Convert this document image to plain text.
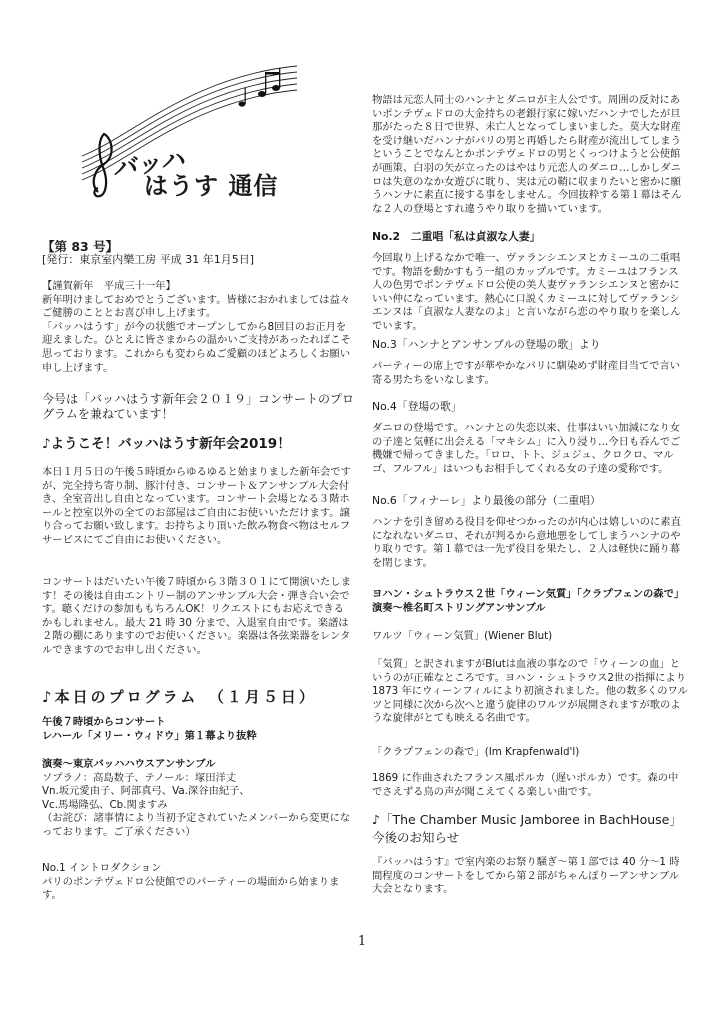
バッハ
はうす 通信
【第 83 号】
[発行：東京室内樂工房 平成 31 年1月5日]

【謹賀新年　平成三十一年】

新年明けましておめでとうございます。皆様におかれましては益々ご健勝のこととお喜び申し上げます。

「バッハはうす」が今の状態でオープンしてから8回目のお正月を迎えました。ひとえに皆さまからの温かいご支持があったればこそ思っております。これからも変わらぬご愛顧のほどよろしくお願い申し上げます。

今号は「バッハはうす新年会２０１９」コンサートのプログラムを兼ねています！
♪ようこそ！バッハはうす新年会2019！
本日１月５日の午後５時頃からゆるゆると始まりました新年会ですが、完全持ち寄り制、豚汁付き、コンサート＆アンサンブル大会付き、全室音出し自由となっています。コンサート会場となる３階ホールと控室以外の全てのお部屋はご自由にお使いいただけます。譲り合ってお願い致します。お持ちより頂いた飲み物食べ物はセルフサービスにてご自由にお使いください。
コンサートはだいたい午後７時頃から３階３０１にて開演いたします！その後は自由エントリー制のアンサンブル大会・弾き合い会です。聴くだけの参加ももちろんOK！リクエストにもお応えできるかもしれません。最大 21 時 30 分まで、入退室自由です。楽譜は２階の棚にありますのでお使いください。楽器は各弦楽器をレンタルできますのでお申し出ください。
♪本日のプログラム　（１月５日）
午後７時頃からコンサート
レハール「メリー・ウィドウ」第１幕より抜粋

演奏～東京バッハハウスアンサンブル

ソプラノ：高島数子、テノール：塚田洋丈

Vn.坂元愛由子、阿部真弓、Va.深谷由紀子、

Vc.馬場隆弘、Cb.関ますみ

（お詫び：諸事情により当初予定されていたメンバーから変更になっております。ご了承ください）

No.1 イントロダクション

パリのポンテヴェドロ公使館でのパーティーの場面から始まります。

物語は元恋人同士のハンナとダニロが主人公です。周囲の反対にあいポンテヴェドロの大金持ちの老銀行家に嫁いだハンナでしたが旦那がたった８日で世界、未亡人となってしまいました。莫大な財産を受け継いだハンナがパリの男と再婚したら財産が流出してしまうということでなんとかポンテヴェドロの男とくっつけようと公使館が画策、白羽の矢が立ったのはやはり元恋人のダニロ…しかしダニロは失意のなか女遊びに耽り、実は元の鞘に収まりたいと密かに願うハンナに素直に接する事をしません。今回抜粋する第１幕はそんな２人の登場とすれ違うやり取りを描いています。
No.2　二重唱「私は貞淑な人妻」
今回取り上げるなかで唯一、ヴァランシエンヌとカミーユの二重唱です。物語を動かすもう一組のカップルです。カミーユはフランス人の色男でポンテヴェドロ公使の美人妻ヴァランシエンヌと密かにいい仲になっています。熱心に口説くカミーユに対してヴァランシエンヌは「貞淑な人妻なのよ」と言いながら恋のやり取りを楽しんでいます。
No.3「ハンナとアンサンブルの登場の歌」より
パーティーの席上ですが華やかなパリに馴染めず財産目当てで言い寄る男たちをいなします。
No.4「登場の歌」
ダニロの登場です。ハンナとの失恋以来、仕事はいい加減になり女の子達と気軽に出会える「マキシム」に入り浸り…今日も呑んでご機嫌で帰ってきました。「ロロ、トト、ジュジュ、クロクロ、マルゴ、フルフル」はいつもお相手してくれる女の子達の愛称です。
No.6「フィナーレ」より最後の部分（二重唱）
ハンナを引き留める役目を仰せつかったのが内心は嬉しいのに素直になれないダニロ、それが判るから意地悪をしてしまうハンナのやり取りです。第１幕では一先ず役目を果たし、２人は軽快に踊り幕を閉じます。

ヨハン・シュトラウス２世「ウィーン気質」「クラプフェンの森で」

演奏～椎名町ストリングアンサンブル

ワルツ「ウィーン気質」(Wiener Blut)
「気質」と訳されますがBlutは血液の事なので「ウィーンの血」というのが正確なところです。ヨハン・シュトラウス2世の指揮により1873 年にウィーンフィルにより初演されました。他の数多くのワルツと同様に次から次へと違う旋律のワルツが展開されますが歌のような旋律がとても映える名曲です。
「クラプフェンの森で」(Im Krapfenwald'l)
1869 に作曲されたフランス風ポルカ（遅いポルカ）です。森の中でさえずる鳥の声が聞こえてくる楽しい曲です。
♪「The Chamber Music Jamboree in BachHouse」
今後のお知らせ
『バッハはうす』で室内楽のお祭り騒ぎ～第１部では 40 分～1 時間程度のコンサートをしてから第２部がちゃんぽりーアンサンブル大会となります。
1
